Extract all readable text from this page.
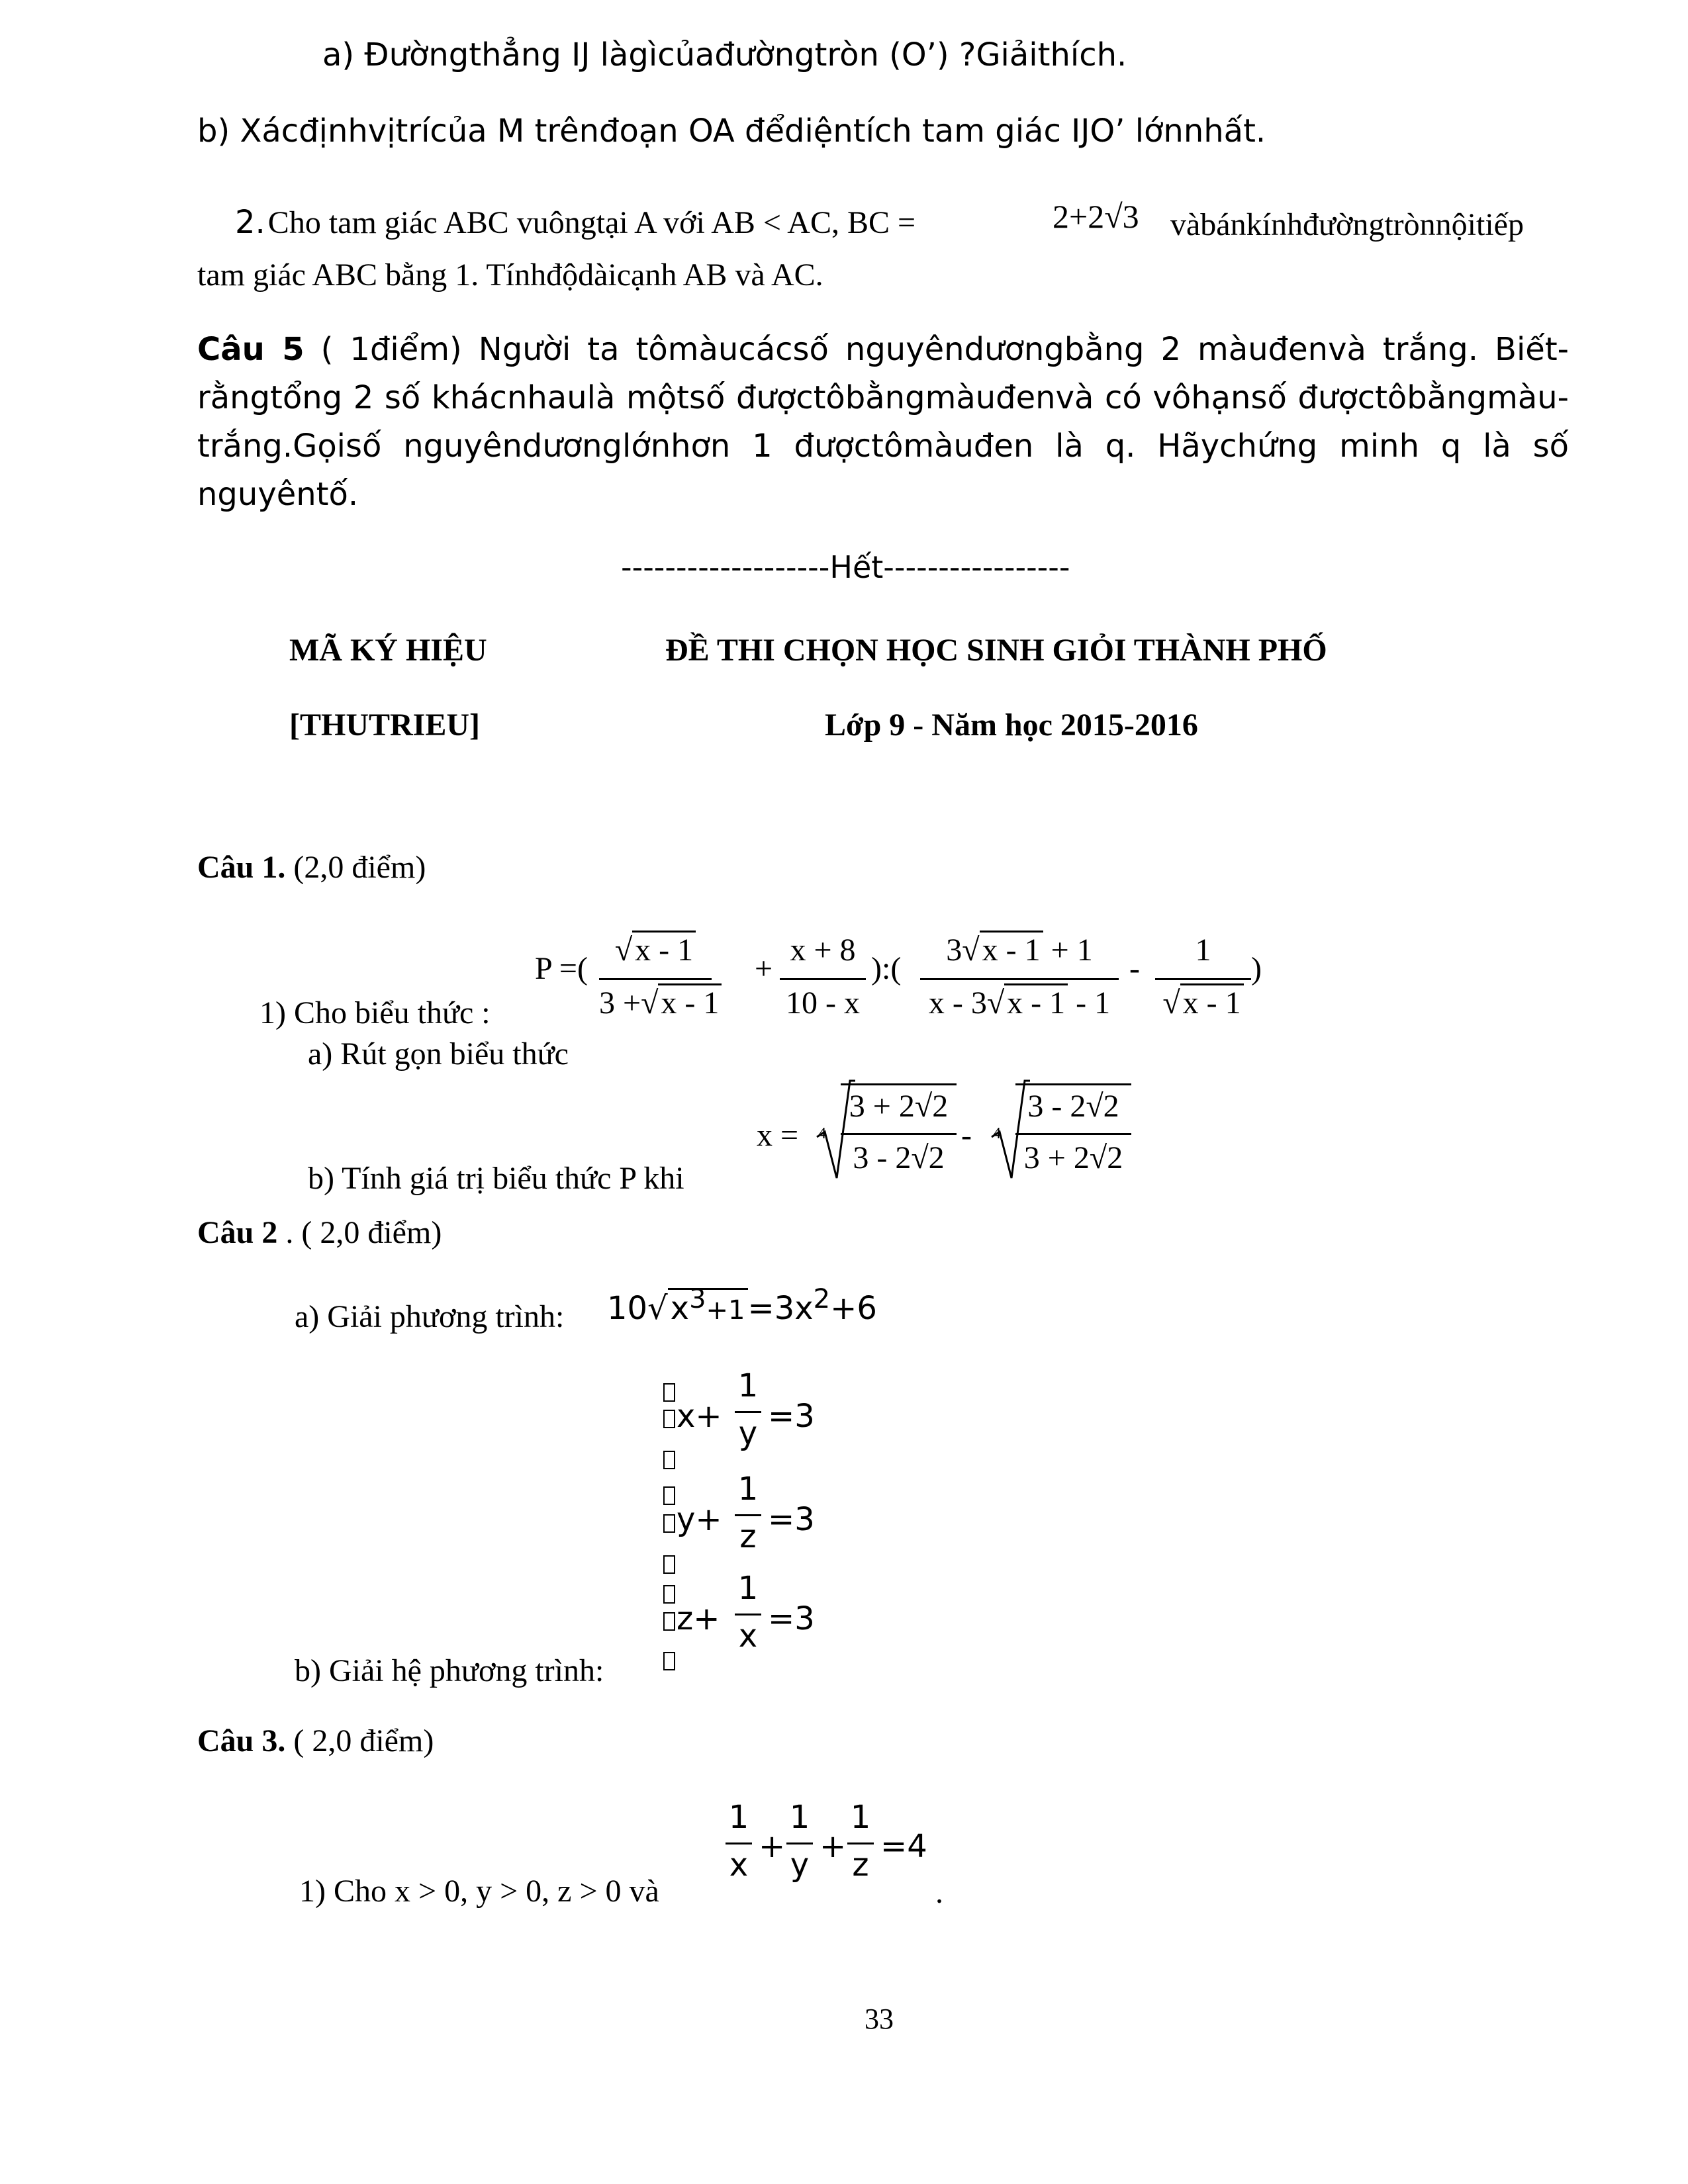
a) Đườngthẳng IJ làgìcủađườngtròn (O’) ?Giảithích.
b) Xácđịnhvịtrícủa M trênđoạn OA đểdiệntích tam giác IJO’ lớnnhất.
2. Cho tam giác ABC vuôngtại A với AB < AC, BC =	2+2√3 vàbánkínhđườngtrònnộitiếp
tam giác ABC bằng 1. Tínhđộdàicạnh AB và AC.
Câu 5 ( 1điểm) Người ta tômàucácsố nguyêndươngbằng 2 màuđenvà trắng. Biếtrằngtổng 2 số khácnhaulà mộtsố đượctôbằngmàuđenvà có vôhạnsố đượctôbằngmàutrắng.Gọisố nguyêndươnglớnhơn 1 đượctômàuđen là q. Hãychứng minh q là số nguyêntố.
-------------------Hết-----------------
MÃ KÝ HIỆU
[THUTRIEU]
ĐỀ THI CHỌN HỌC SINH GIỎI THÀNH PHỐ
Lớp 9 - Năm học 2015-2016
Câu 1. (2,0 điểm)
P =(
√x - 1
3 +√x - 1
+
x + 8
10 - x
):(
3√x - 1 + 1
x - 3√x - 1 - 1
-
1
√x - 1
)
1) Cho biểu thức :
a) Rút gọn biểu thức
x = 4
3 + 2√2
3 - 2√2
- 4
3 - 2√2
3 + 2√2
b) Tính giá trị biểu thức P khi
Câu 2 . ( 2,0 điểm)
a) Giải phương trình: $10√x^3+1=3x^2+6$
x+
1
y =3
y+
1
z =3
z+
1
x =3
b) Giải hệ phương trình:
Câu 3. ( 2,0 điểm)
1) Cho x > 0, y > 0, z > 0 và
1
x +
1
y +
1
z =4
.
33
